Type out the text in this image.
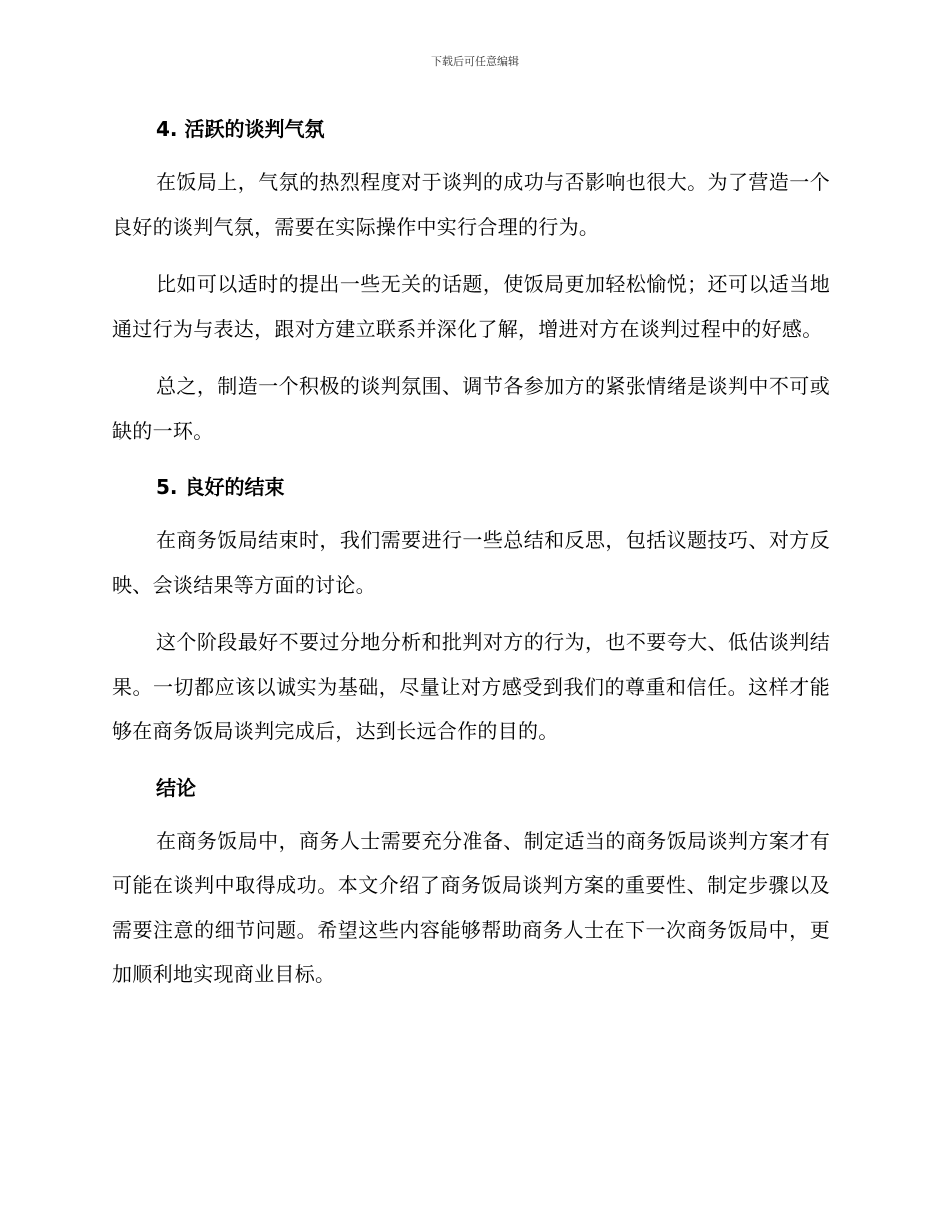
下载后可任意编辑
4. 活跃的谈判气氛

在饭局上，气氛的热烈程度对于谈判的成功与否影响也很大。为了营造一个良好的谈判气氛，需要在实际操作中实行合理的行为。

比如可以适时的提出一些无关的话题，使饭局更加轻松愉悦；还可以适当地通过行为与表达，跟对方建立联系并深化了解，增进对方在谈判过程中的好感。

总之，制造一个积极的谈判氛围、调节各参加方的紧张情绪是谈判中不可或缺的一环。

5. 良好的结束

在商务饭局结束时，我们需要进行一些总结和反思，包括议题技巧、对方反映、会谈结果等方面的讨论。

这个阶段最好不要过分地分析和批判对方的行为，也不要夸大、低估谈判结果。一切都应该以诚实为基础，尽量让对方感受到我们的尊重和信任。这样才能够在商务饭局谈判完成后，达到长远合作的目的。

结论

在商务饭局中，商务人士需要充分准备、制定适当的商务饭局谈判方案才有可能在谈判中取得成功。本文介绍了商务饭局谈判方案的重要性、制定步骤以及需要注意的细节问题。希望这些内容能够帮助商务人士在下一次商务饭局中，更加顺利地实现商业目标。
